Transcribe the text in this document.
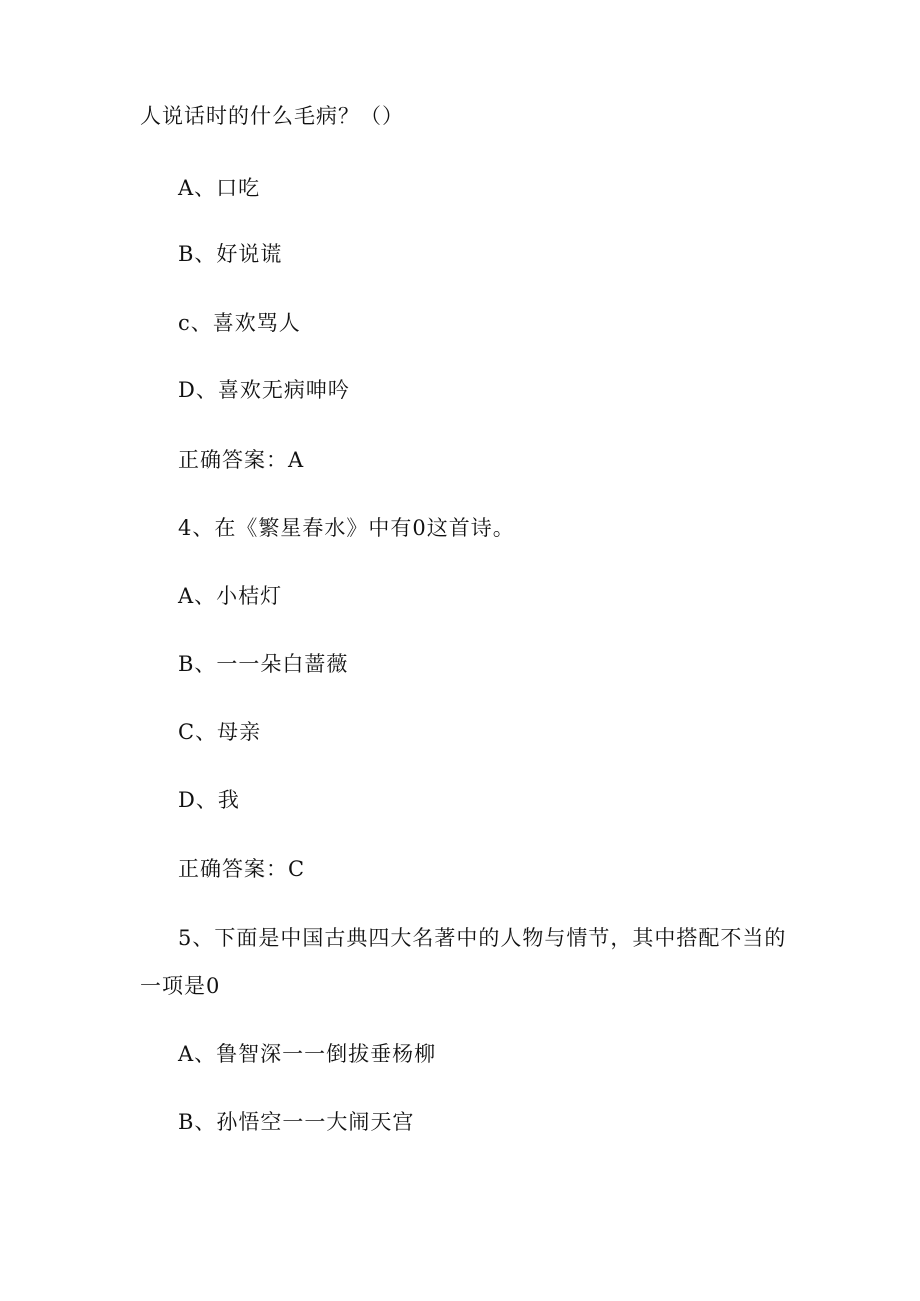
人说话时的什么毛病？（）
A、口吃
B、好说谎
c、喜欢骂人
D、喜欢无病呻吟
正确答案：A
4、在《繁星春水》中有0这首诗。
A、小桔灯
B、一一朵白蔷薇
C、母亲
D、我
正确答案：C
5、下面是中国古典四大名著中的人物与情节，其中搭配不当的
一项是0
A、鲁智深一一倒拔垂杨柳
B、孙悟空一一大闹天宫
